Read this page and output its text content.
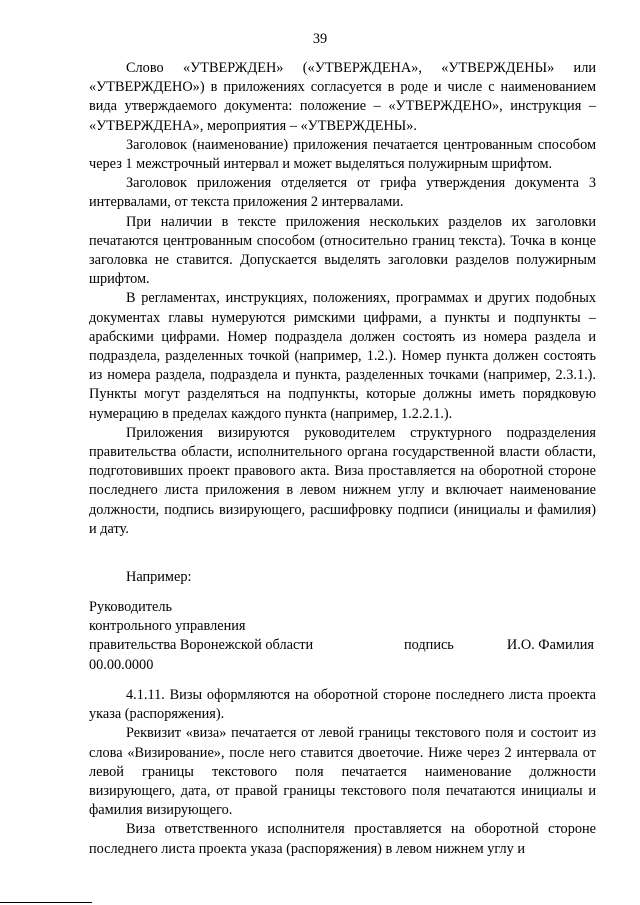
39

Слово «УТВЕРЖДЕН» («УТВЕРЖДЕНА», «УТВЕРЖДЕНЫ» или «УТВЕРЖДЕНО») в приложениях согласуется в роде и числе с наименованием вида утверждаемого документа: положение – «УТВЕРЖДЕНО», инструкция – «УТВЕРЖДЕНА», мероприятия – «УТВЕРЖДЕНЫ».

Заголовок (наименование) приложения печатается центрованным способом через 1 межстрочный интервал и может выделяться полужирным шрифтом.

Заголовок приложения отделяется от грифа утверждения документа 3 интервалами, от текста приложения 2 интервалами.

При наличии в тексте приложения нескольких разделов их заголовки печатаются центрованным способом (относительно границ текста). Точка в конце заголовка не ставится. Допускается выделять заголовки разделов полужирным шрифтом.

В регламентах, инструкциях, положениях, программах и других подобных документах главы нумеруются римскими цифрами, а пункты и подпункты – арабскими цифрами. Номер подраздела должен состоять из номера раздела и подраздела, разделенных точкой (например, 1.2.). Номер пункта должен состоять из номера раздела, подраздела и пункта, разделенных точками (например, 2.3.1.). Пункты могут разделяться на подпункты, которые должны иметь порядковую нумерацию в пределах каждого пункта (например, 1.2.2.1.).

Приложения визируются руководителем структурного подразделения правительства области, исполнительного органа государственной власти области, подготовивших проект правового акта. Виза проставляется на оборотной стороне последнего листа приложения в левом нижнем углу и включает наименование должности, подпись визирующего, расшифровку подписи (инициалы и фамилия) и дату.

Например:

Руководитель
контрольного управления
правительства Воронежской области	подпись	И.О. Фамилия
00.00.0000

4.1.11. Визы оформляются на оборотной стороне последнего листа проекта указа (распоряжения).

Реквизит «виза» печатается от левой границы текстового поля и состоит из слова «Визирование», после него ставится двоеточие. Ниже через 2 интервала от левой границы текстового поля печатается наименование должности визирующего, дата, от правой границы текстового поля печатаются инициалы и фамилия визирующего.

Виза ответственного исполнителя проставляется на оборотной стороне последнего листа проекта указа (распоряжения) в левом нижнем углу и
